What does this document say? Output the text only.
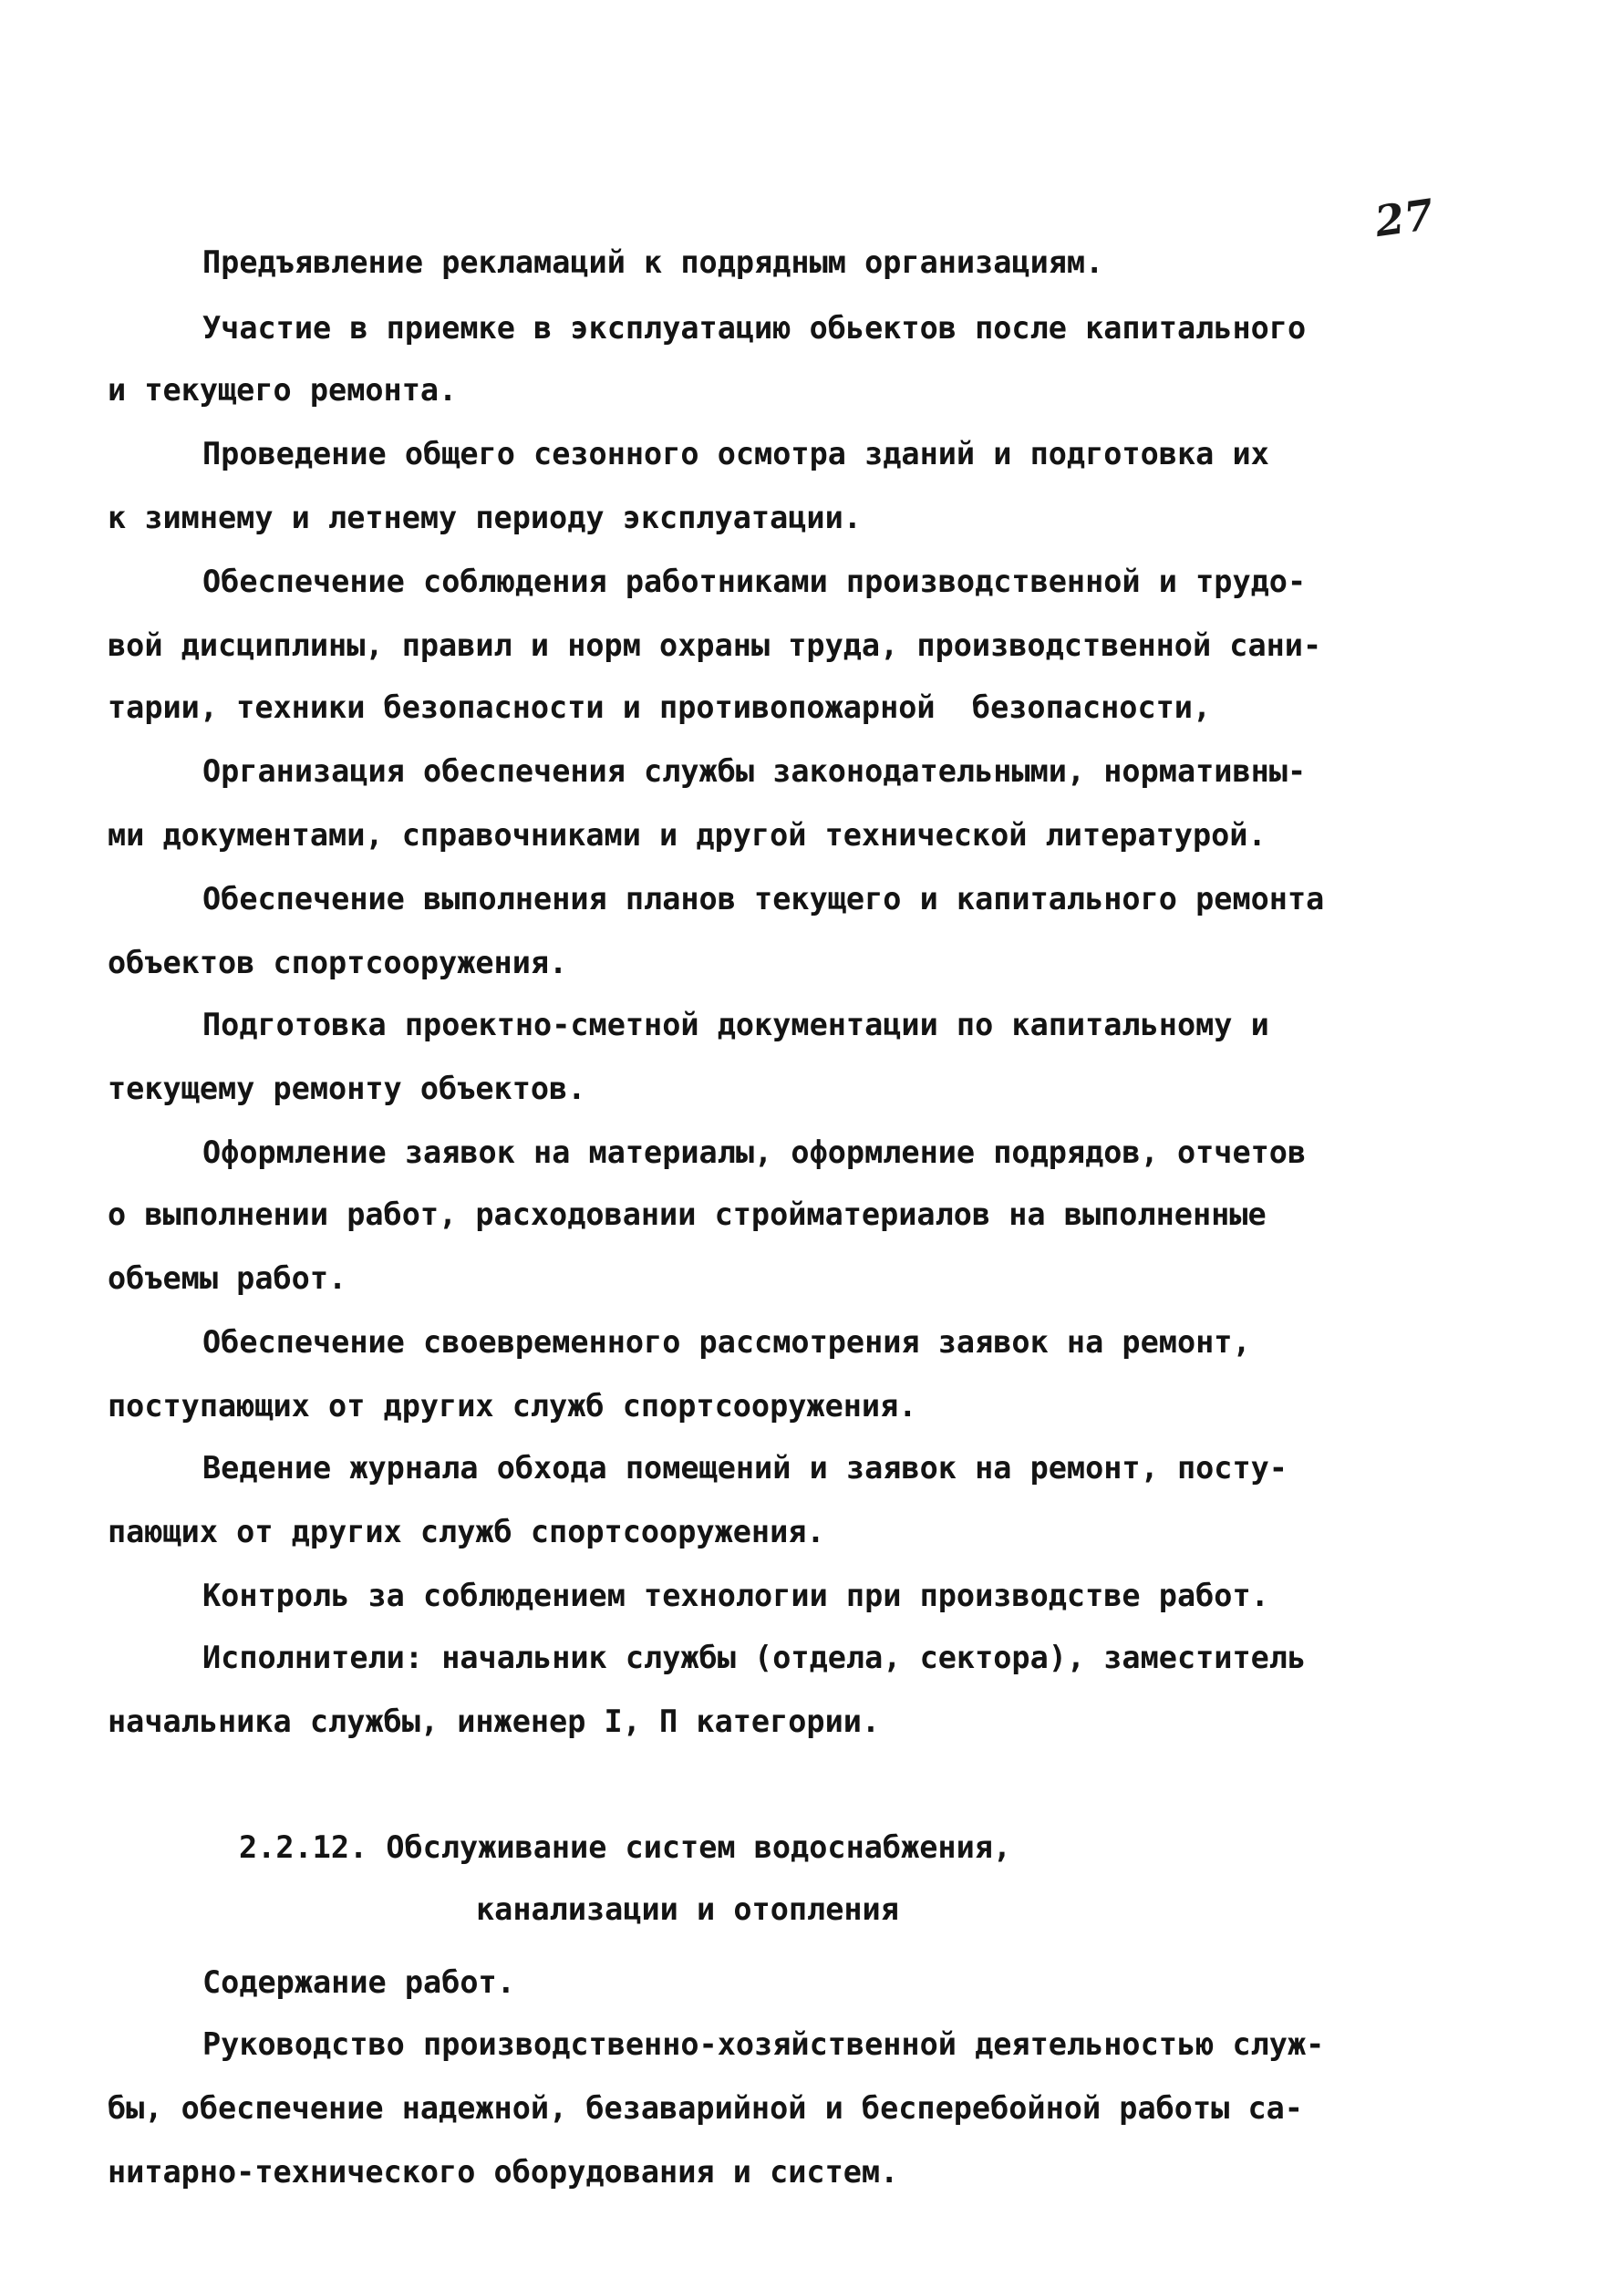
27
Предъявление рекламаций к подрядным организациям.
Участие в приемке в эксплуатацию обьектов после капитального
и текущего ремонта.
Проведение общего сезонного осмотра зданий и подготовка их
к зимнему и летнему периоду эксплуатации.
Обеспечение соблюдения работниками производственной и трудо-
вой дисциплины, правил и норм охраны труда, производственной сани-
тарии, техники безопасности и противопожарной  безопасности,
Организация обеспечения службы законодательными, нормативны-
ми документами, справочниками и другой технической литературой.
Обеспечение выполнения планов текущего и капитального ремонта
объектов спортсооружения.
Подготовка проектно-сметной документации по капитальному и
текущему ремонту объектов.
Оформление заявок на материалы, оформление подрядов, отчетов
о выполнении работ, расходовании стройматериалов на выполненные
объемы работ.
Обеспечение своевременного рассмотрения заявок на ремонт,
поступающих от других служб спортсооружения.
Ведение журнала обхода помещений и заявок на ремонт, посту-
пающих от других служб спортсооружения.
Контроль за соблюдением технологии при производстве работ.
Исполнители: начальник службы (отдела, сектора), заместитель
начальника службы, инженер I, П категории.
2.2.12. Обслуживание систем водоснабжения,
канализации и отопления
Содержание работ.
Руководство производственно-хозяйственной деятельностью служ-
бы, обеспечение надежной, безаварийной и бесперебойной работы са-
нитарно-технического оборудования и систем.
